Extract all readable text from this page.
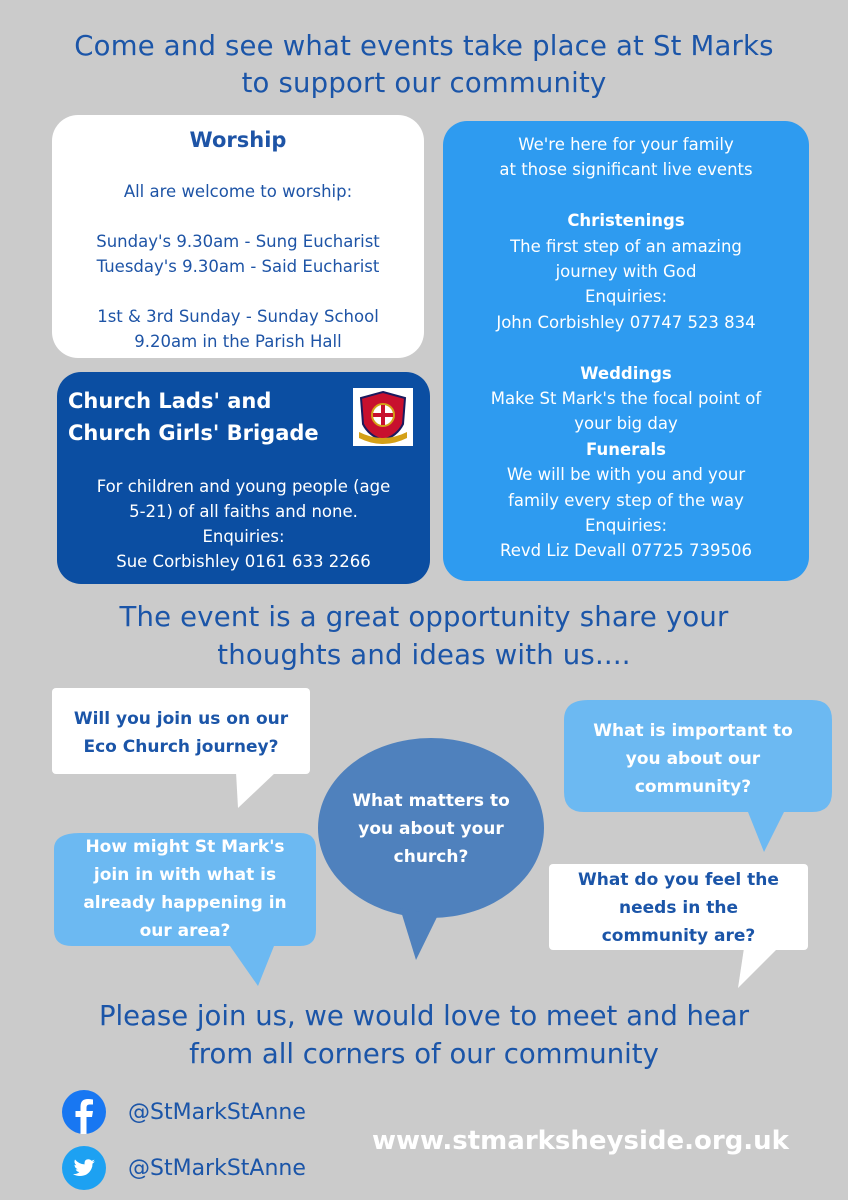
Come and see what events take place at St Marks
to support our community
Worship
All are welcome to worship:
Sunday's 9.30am - Sung Eucharist
Tuesday's 9.30am - Said Eucharist
1st & 3rd Sunday - Sunday School
9.20am in the Parish Hall
Church Lads' and
Church Girls' Brigade
For children and young people (age
5-21) of all faiths and none.
Enquiries:
Sue Corbishley 0161 633 2266
We're here for your family
at those significant live events
Christenings
The first step of an amazing
journey with God
Enquiries:
John Corbishley 07747 523 834
Weddings
Make St Mark's the focal point of
your big day
Funerals
We will be with you and your
family every step of the way
Enquiries:
Revd Liz Devall 07725 739506
The event is a great opportunity share your
thoughts and ideas with us....
Will you join us on our
Eco Church journey?
What matters to
you about your
church?
What is important to
you about our
community?
How might St Mark's
join in with what is
already happening in
our area?
What do you feel the
needs in the
community are?
Please join us, we would love to meet and hear
from all corners of our community
@StMarkStAnne
@StMarkStAnne
www.stmarksheyside.org.uk
